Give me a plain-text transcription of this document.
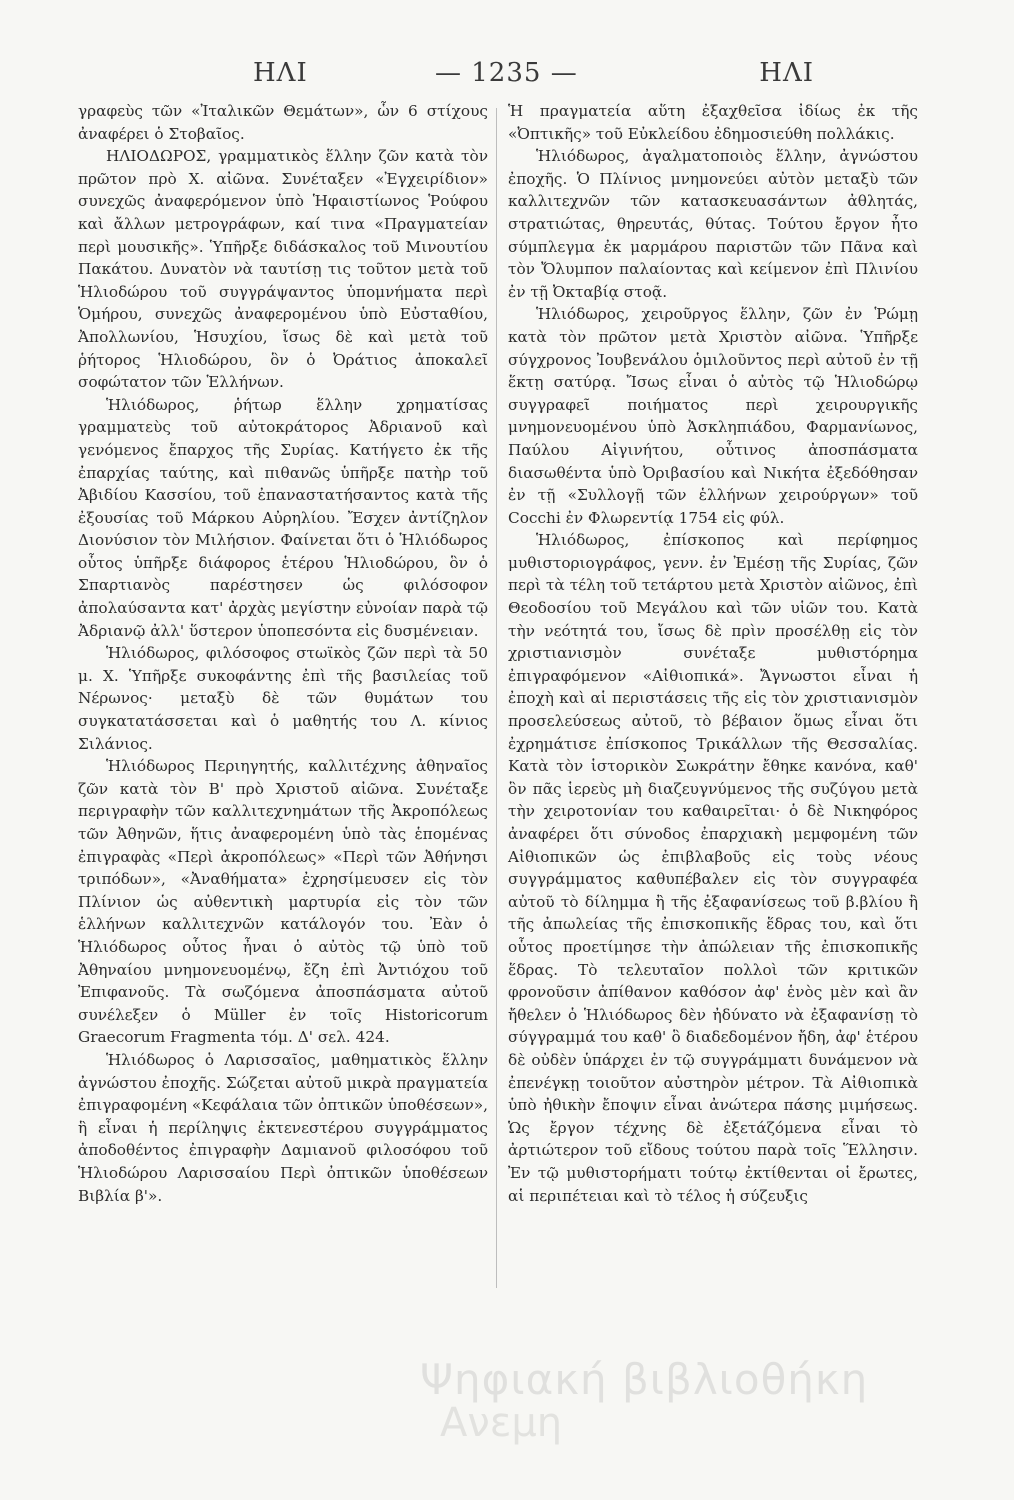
ΗΛΙ	— 1235 —	ΗΛΙ

γραφεὺς τῶν «Ἰταλικῶν Θεμάτων», ὧν 6 στίχους ἀναφέρει ὁ Στοβαῖος.

ΗΛΙΟΔΩΡΟΣ, γραμματικὸς ἕλλην ζῶν κατὰ τὸν πρῶτον πρὸ Χ. αἰῶνα. Συνέταξεν «Ἐγχειρίδιον» συνεχῶς ἀναφερόμενον ὑπὸ Ἡφαιστίωνος Ῥούφου καὶ ἄλλων μετρογράφων, καί τινα «Πραγματείαν περὶ μουσικῆς». Ὑπῆρξε διδάσκαλος τοῦ Μινουτίου Πακάτου. Δυνατὸν νὰ ταυτίσῃ τις τοῦτον μετὰ τοῦ Ἡλιοδώρου τοῦ συγγράψαντος ὑπομνήματα περὶ Ὁμήρου, συνεχῶς ἀναφερομένου ὑπὸ Εὐσταθίου, Ἀπολλωνίου, Ἡσυχίου, ἴσως δὲ καὶ μετὰ τοῦ ῥήτορος Ἡλιοδώρου, ὃν ὁ Ὀράτιος ἀποκαλεῖ σοφώτατον τῶν Ἑλλήνων.

Ἡλιόδωρος, ῥήτωρ ἕλλην χρηματίσας γραμματεὺς τοῦ αὐτοκράτορος Ἀδριανοῦ καὶ γενόμενος ἔπαρχος τῆς Συρίας. Κατήγετο ἐκ τῆς ἐπαρχίας ταύτης, καὶ πιθανῶς ὑπῆρξε πατὴρ τοῦ Ἀβιδίου Κασσίου, τοῦ ἐπαναστατήσαντος κατὰ τῆς ἐξουσίας τοῦ Μάρκου Αὐρηλίου. Ἔσχεν ἀντίζηλον Διονύσιον τὸν Μιλήσιον. Φαίνεται ὅτι ὁ Ἡλιόδωρος οὗτος ὑπῆρξε διάφορος ἑτέρου Ἡλιοδώρου, ὃν ὁ Σπαρτιανὸς παρέστησεν ὡς φιλόσοφον ἀπολαύσαντα κατ' ἀρχὰς μεγίστην εὐνοίαν παρὰ τῷ Ἀδριανῷ ἀλλ' ὕστερον ὑποπεσόντα εἰς δυσμένειαν.

Ἡλιόδωρος, φιλόσοφος στωϊκὸς ζῶν περὶ τὰ 50 μ. Χ. Ὑπῆρξε συκοφάντης ἐπὶ τῆς βασιλείας τοῦ Νέρωνος· μεταξὺ δὲ τῶν θυμάτων του συγκατατάσσεται καὶ ὁ μαθητής του Λ. κίνιος Σιλάνιος.

Ἡλιόδωρος Περιηγητής, καλλιτέχνης ἀθηναῖος ζῶν κατὰ τὸν Β' πρὸ Χριστοῦ αἰῶνα. Συνέταξε περιγραφὴν τῶν καλλιτεχνημάτων τῆς Ἀκροπόλεως τῶν Ἀθηνῶν, ἥτις ἀναφερομένη ὑπὸ τὰς ἑπομένας ἐπιγραφὰς «Περὶ ἀκροπόλεως» «Περὶ τῶν Ἀθήνησι τριπόδων», «Ἀναθήματα» ἐχρησίμευσεν εἰς τὸν Πλίνιον ὡς αὐθεντικὴ μαρτυρία εἰς τὸν τῶν ἑλλήνων καλλιτεχνῶν κατάλογόν του. Ἐὰν ὁ Ἡλιόδωρος οὗτος ἦναι ὁ αὐτὸς τῷ ὑπὸ τοῦ Ἀθηναίου μνημονευομένῳ, ἔζη ἐπὶ Ἀντιόχου τοῦ Ἐπιφανοῦς. Τὰ σωζόμενα ἀποσπάσματα αὐτοῦ συνέλεξεν ὁ Müller ἐν τοῖς Historicorum Graecorum Fragmenta τόμ. Δ' σελ. 424.

Ἡλιόδωρος ὁ Λαρισσαῖος, μαθηματικὸς ἕλλην ἀγνώστου ἐποχῆς. Σώζεται αὐτοῦ μικρὰ πραγματεία ἐπιγραφομένη «Κεφάλαια τῶν ὀπτικῶν ὑποθέσεων», ἣ εἶναι ἡ περίληψις ἐκτενεστέρου συγγράμματος ἀποδοθέντος ἐπιγραφὴν Δαμιανοῦ φιλοσόφου τοῦ Ἡλιοδώρου Λαρισσαίου Περὶ ὀπτικῶν ὑποθέσεων Βιβλία β'».

Ἡ πραγματεία αὕτη ἐξαχθεῖσα ἰδίως ἐκ τῆς «Ὀπτικῆς» τοῦ Εὐκλείδου ἐδημοσιεύθη πολλάκις.

Ἡλιόδωρος, ἀγαλματοποιὸς ἕλλην, ἀγνώστου ἐποχῆς. Ὁ Πλίνιος μνημονεύει αὐτὸν μεταξὺ τῶν καλλιτεχνῶν τῶν κατασκευασάντων ἀθλητάς, στρατιώτας, θηρευτάς, θύτας. Τούτου ἔργον ἦτο σύμπλεγμα ἐκ μαρμάρου παριστῶν τῶν Πᾶνα καὶ τὸν Ὄλυμπον παλαίοντας καὶ κείμενον ἐπὶ Πλινίου ἐν τῇ Ὀκταβίᾳ στοᾷ.

Ἡλιόδωρος, χειροῦργος ἕλλην, ζῶν ἐν Ῥώμῃ κατὰ τὸν πρῶτον μετὰ Χριστὸν αἰῶνα. Ὑπῆρξε σύγχρονος Ἰουβενάλου ὁμιλοῦντος περὶ αὐτοῦ ἐν τῇ ἕκτῃ σατύρᾳ. Ἴσως εἶναι ὁ αὐτὸς τῷ Ἡλιοδώρῳ συγγραφεῖ ποιήματος περὶ χειρουργικῆς μνημονευομένου ὑπὸ Ἀσκληπιάδου, Φαρμανίωνος, Παύλου Αἰγινήτου, οὗτινος ἀποσπάσματα διασωθέντα ὑπὸ Ὀριβασίου καὶ Νικήτα ἐξεδόθησαν ἐν τῇ «Συλλογῇ τῶν ἑλλήνων χειρούργων» τοῦ Cocchi ἐν Φλωρεντίᾳ 1754 εἰς φύλ.

Ἡλιόδωρος, ἐπίσκοπος καὶ περίφημος μυθιστοριογράφος, γενν. ἐν Ἐμέσῃ τῆς Συρίας, ζῶν περὶ τὰ τέλη τοῦ τετάρτου μετὰ Χριστὸν αἰῶνος, ἐπὶ Θεοδοσίου τοῦ Μεγάλου καὶ τῶν υἱῶν του. Κατὰ τὴν νεότητά του, ἴσως δὲ πρὶν προσέλθῃ εἰς τὸν χριστιανισμὸν συνέταξε μυθιστόρημα ἐπιγραφόμενον «Αἰθιοπικά». Ἄγνωστοι εἶναι ἡ ἐποχὴ καὶ αἱ περιστάσεις τῆς εἰς τὸν χριστιανισμὸν προσελεύσεως αὐτοῦ, τὸ βέβαιον ὅμως εἶναι ὅτι ἐχρημάτισε ἐπίσκοπος Τρικάλλων τῆς Θεσσαλίας. Κατὰ τὸν ἱστορικὸν Σωκράτην ἔθηκε κανόνα, καθ' ὃν πᾶς ἱερεὺς μὴ διαζευγνύμενος τῆς συζύγου μετὰ τὴν χειροτονίαν του καθαιρεῖται· ὁ δὲ Νικηφόρος ἀναφέρει ὅτι σύνοδος ἐπαρχιακὴ μεμφομένη τῶν Αἰθιοπικῶν ὡς ἐπιβλαβοῦς εἰς τοὺς νέους συγγράμματος καθυπέβαλεν εἰς τὸν συγγραφέα αὐτοῦ τὸ δίλημμα ἢ τῆς ἐξαφανίσεως τοῦ β.βλίου ἢ τῆς ἀπωλείας τῆς ἐπισκοπικῆς ἕδρας του, καὶ ὅτι οὗτος προετίμησε τὴν ἀπώλειαν τῆς ἐπισκοπικῆς ἕδρας. Τὸ τελευταῖον πολλοὶ τῶν κριτικῶν φρονοῦσιν ἀπίθανον καθόσον ἀφ' ἑνὸς μὲν καὶ ἂν ἤθελεν ὁ Ἡλιόδωρος δὲν ἠδύνατο νὰ ἐξαφανίσῃ τὸ σύγγραμμά του καθ' ὃ διαδεδομένον ἤδη, ἀφ' ἑτέρου δὲ οὐδὲν ὑπάρχει ἐν τῷ συγγράμματι δυνάμενον νὰ ἐπενέγκῃ τοιοῦτον αὐστηρὸν μέτρον. Τὰ Αἰθιοπικὰ ὑπὸ ἠθικὴν ἔποψιν εἶναι ἀνώτερα πάσης μιμήσεως. Ὡς ἔργον τέχνης δὲ ἐξετάζόμενα εἶναι τὸ ἀρτιώτερον τοῦ εἴδους τούτου παρὰ τοῖς Ἕλλησιν. Ἐν τῷ μυθιστορήματι τούτῳ ἐκτίθενται οἱ ἔρωτες, αἱ περιπέτειαι καὶ τὸ τέλος ἡ σύζευξις

Ψηφιακή βιβλιοθήκη
Ανεμη
